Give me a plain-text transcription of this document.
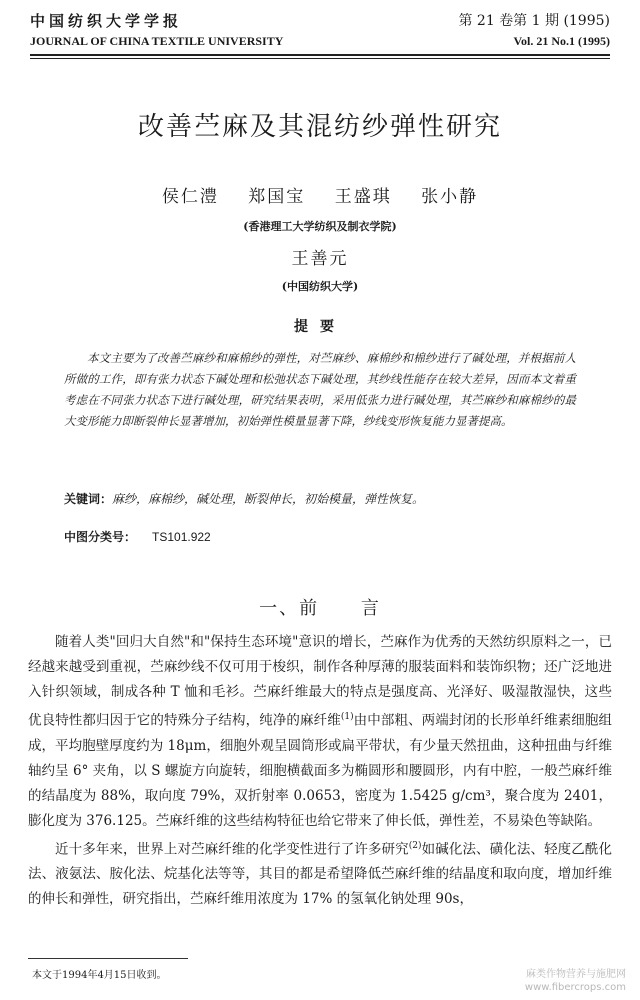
中国纺织大学学报
JOURNAL OF CHINA TEXTILE UNIVERSITY
第 21 卷第 1 期 (1995)
Vol. 21 No.1 (1995)
改善苎麻及其混纺纱弹性研究
侯仁澧 郑国宝 王盛琪 张小静
(香港理工大学纺织及制衣学院)
王善元
(中国纺织大学)
提要
本文主要为了改善苎麻纱和麻棉纱的弹性，对苎麻纱、麻棉纱和棉纱进行了碱处理，并根据前人所做的工作，即有张力状态下碱处理和松弛状态下碱处理，其纱线性能存在较大差异，因而本文着重考虑在不同张力状态下进行碱处理，研究结果表明，采用低张力进行碱处理，其苎麻纱和麻棉纱的最大变形能力即断裂伸长显著增加，初始弹性模量显著下降，纱线变形恢复能力显著提高。
关键词：麻纱，麻棉纱，碱处理，断裂伸长，初始模量，弹性恢复。
中图分类号： TS101.922
一、前 言

随着人类"回归大自然"和"保持生态环境"意识的增长，苎麻作为优秀的天然纺织原料之一，已经越来越受到重视，苎麻纱线不仅可用于梭织，制作各种厚薄的服装面料和装饰织物；还广泛地进入针织领域，制成各种 T 恤和毛衫。苎麻纤维最大的特点是强度高、光泽好、吸湿散湿快，这些优良特性都归因于它的特殊分子结构，纯净的麻纤维$^{(1)}$由中部粗、两端封闭的长形单纤维素细胞组成，平均胞壁厚度约为 18μm，细胞外观呈圆筒形或扁平带状，有少量天然扭曲，这种扭曲与纤维轴约呈 6° 夹角，以 S 螺旋方向旋转，细胞横截面多为椭圆形和腰圆形，内有中腔，一般苎麻纤维的结晶度为 88%，取向度 79%，双折射率 0.0653，密度为 1.5425 g/cm³，聚合度为 2401，膨化度为 376.125。苎麻纤维的这些结构特征也给它带来了伸长低，弹性差，不易染色等缺陷。

近十多年来，世界上对苎麻纤维的化学变性进行了许多研究$^{(2)}$如碱化法、磺化法、轻度乙酰化法、液氨法、胺化法、烷基化法等等，其目的都是希望降低苎麻纤维的结晶度和取向度，增加纤维的伸长和弹性，研究指出，苎麻纤维用浓度为 17% 的氢氧化钠处理 90s，

本文于1994年4月15日收到。	麻类作物营养与施肥网
www.fibercrops.com
